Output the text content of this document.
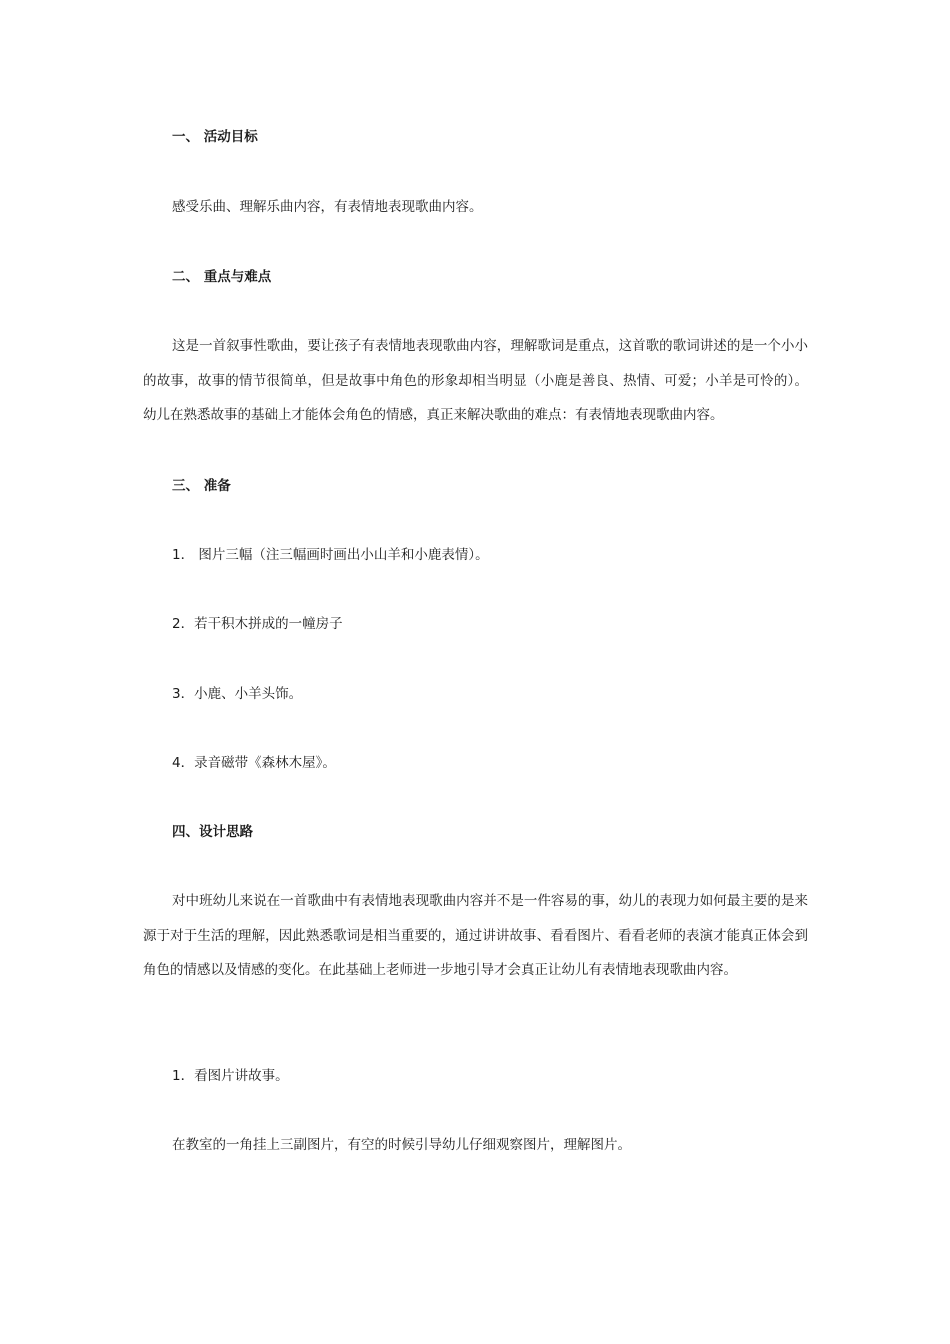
一、 活动目标
感受乐曲、理解乐曲内容，有表情地表现歌曲内容。
二、 重点与难点
这是一首叙事性歌曲，要让孩子有表情地表现歌曲内容，理解歌词是重点，这首歌的歌词讲述的是一个小小的故事，故事的情节很简单，但是故事中角色的形象却相当明显（小鹿是善良、热情、可爱；小羊是可怜的）。幼儿在熟悉故事的基础上才能体会角色的情感，真正来解决歌曲的难点：有表情地表现歌曲内容。
三、 准备
1． 图片三幅（注三幅画时画出小山羊和小鹿表情）。
2．若干积木拼成的一幢房子
3．小鹿、小羊头饰。
4．录音磁带《森林木屋》。
四、设计思路
对中班幼儿来说在一首歌曲中有表情地表现歌曲内容并不是一件容易的事，幼儿的表现力如何最主要的是来源于对于生活的理解，因此熟悉歌词是相当重要的，通过讲讲故事、看看图片、看看老师的表演才能真正体会到角色的情感以及情感的变化。在此基础上老师进一步地引导才会真正让幼儿有表情地表现歌曲内容。
1．看图片讲故事。
在教室的一角挂上三副图片，有空的时候引导幼儿仔细观察图片，理解图片。
